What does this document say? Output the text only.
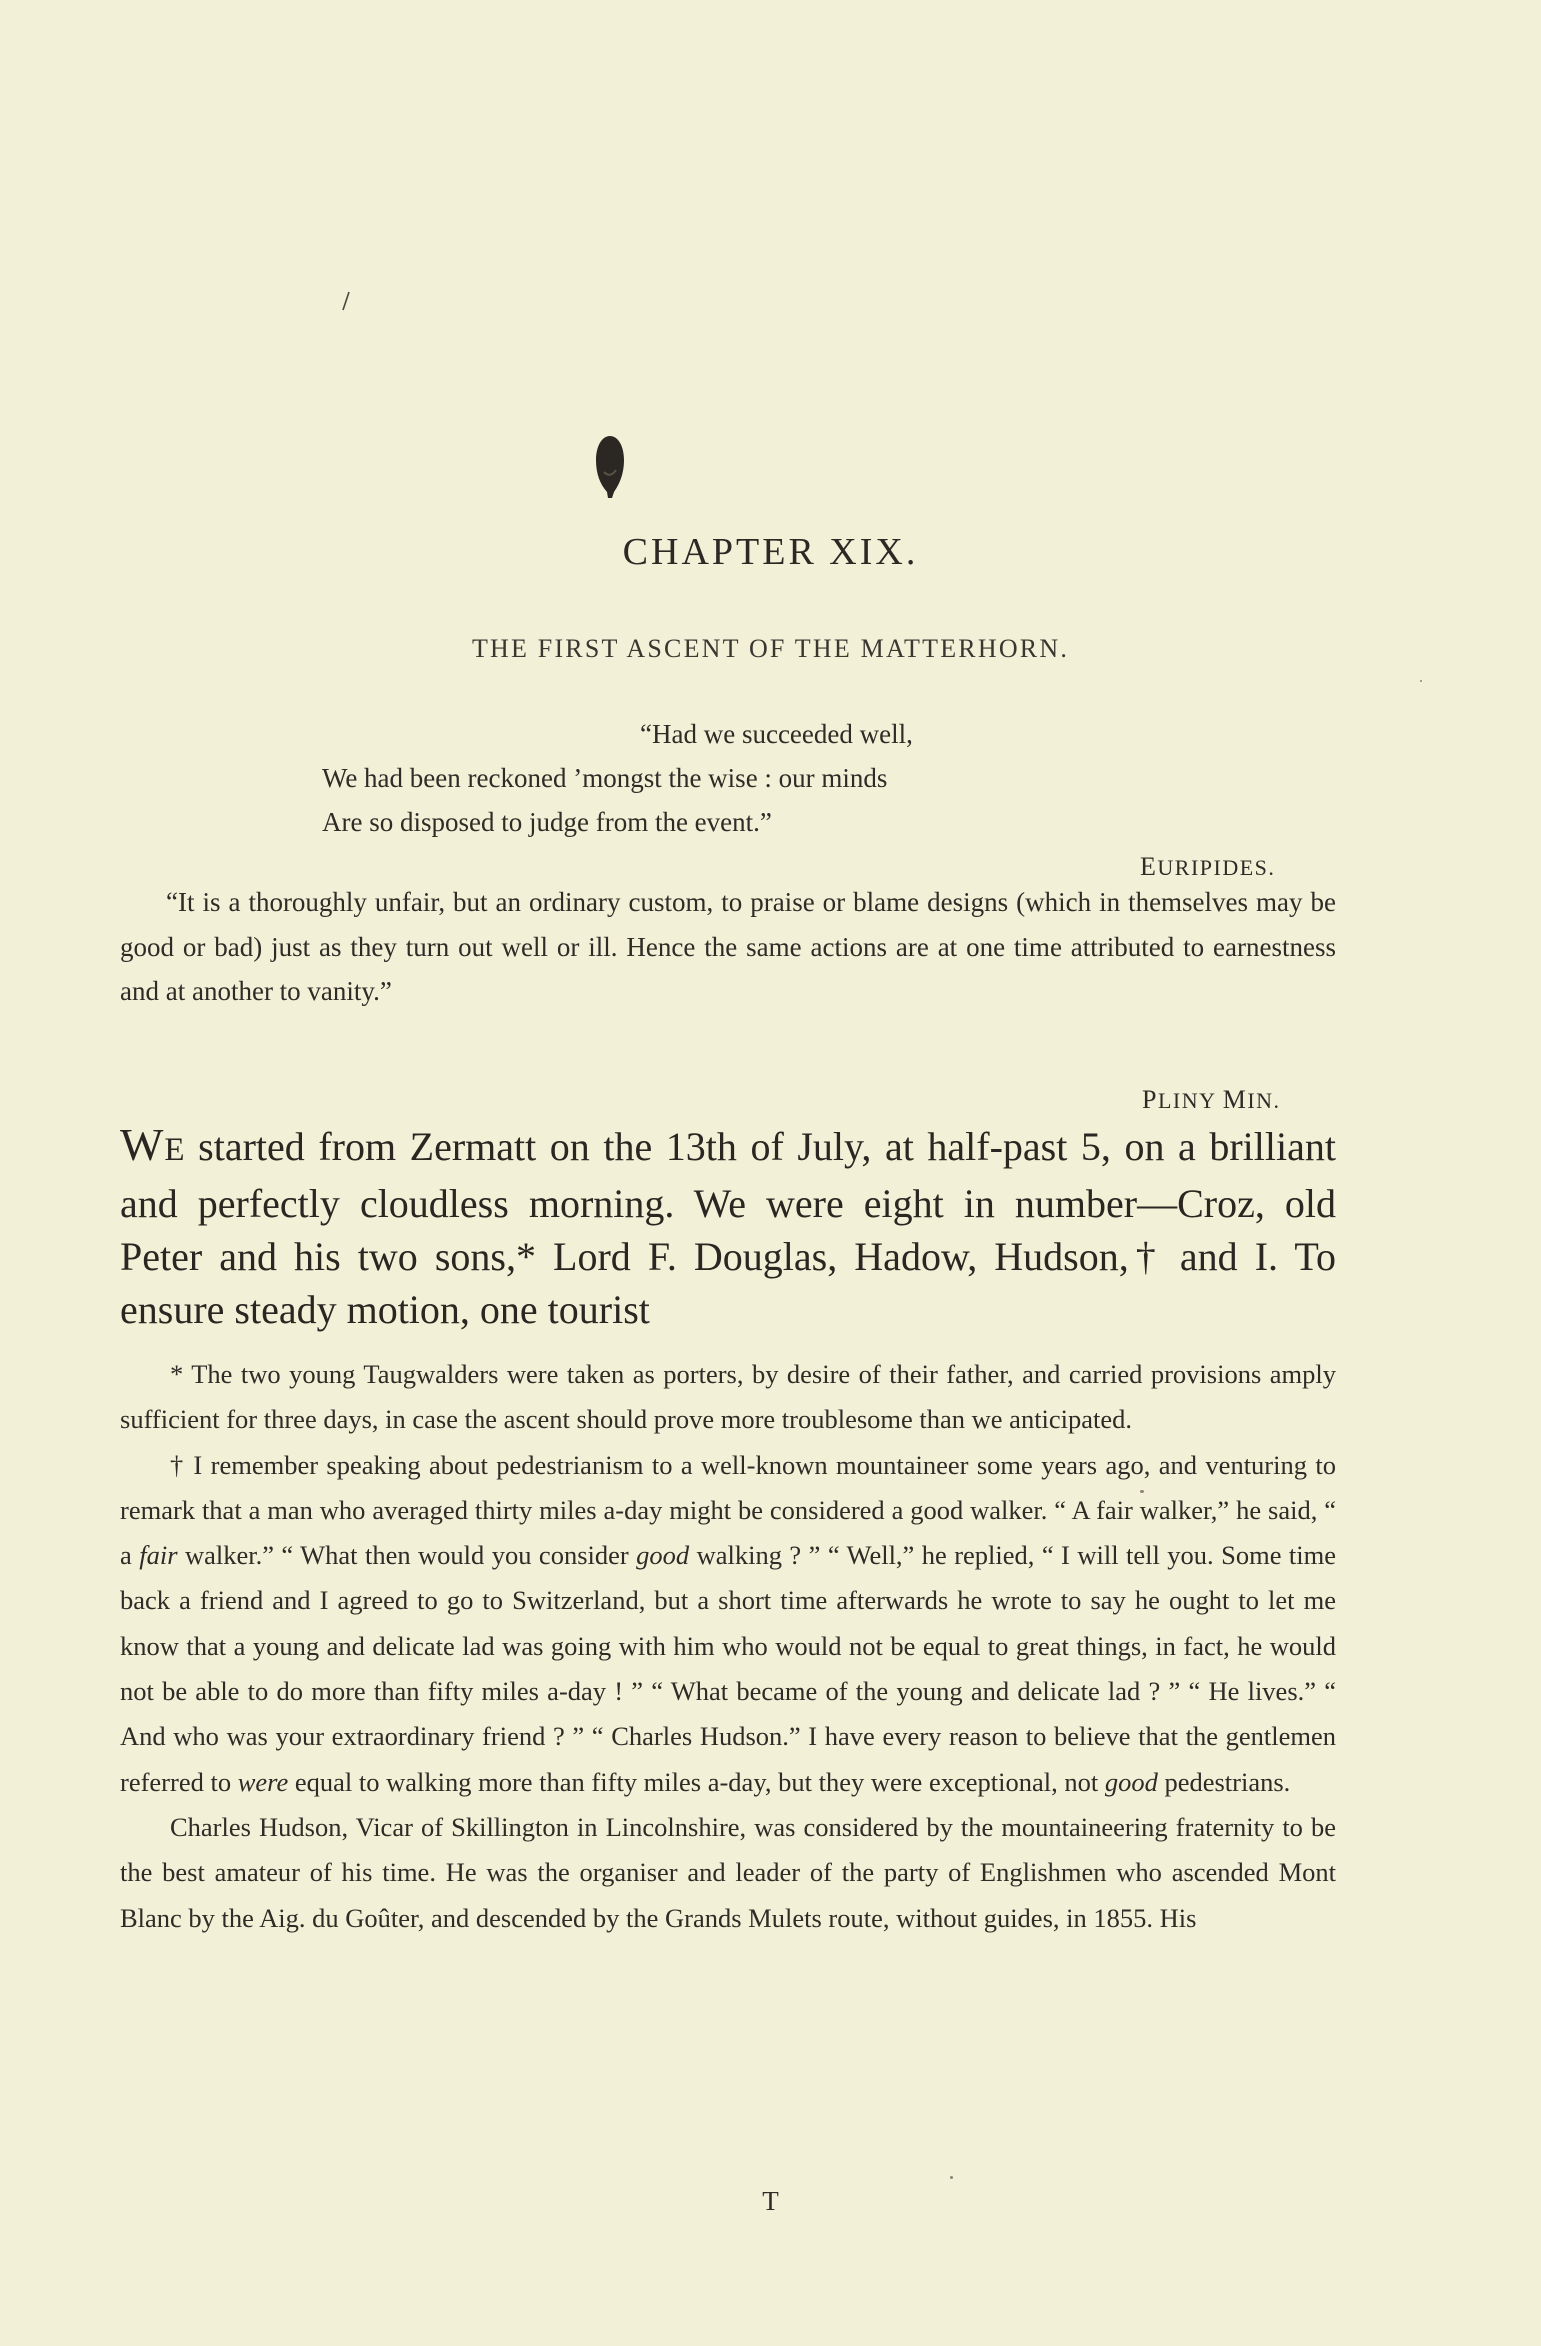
CHAPTER XIX.
THE FIRST ASCENT OF THE MATTERHORN.
“Had we succeeded well,
We had been reckoned ’mongst the wise : our minds
Are so disposed to judge from the event.”
EURIPIDES.
“It is a thoroughly unfair, but an ordinary custom, to praise or blame designs (which in themselves may be good or bad) just as they turn out well or ill. Hence the same actions are at one time attributed to earnestness and at another to vanity.”
PLINY MIN.
WE started from Zermatt on the 13th of July, at half-past 5, on a brilliant and perfectly cloudless morning. We were eight in number—Croz, old Peter and his two sons,* Lord F. Douglas, Hadow, Hudson,† and I. To ensure steady motion, one tourist

* The two young Taugwalders were taken as porters, by desire of their father, and carried provisions amply sufficient for three days, in case the ascent should prove more troublesome than we anticipated.

† I remember speaking about pedestrianism to a well-known mountaineer some years ago, and venturing to remark that a man who averaged thirty miles a-day might be considered a good walker. “ A fair walker,” he said, “ a fair walker.” “ What then would you consider good walking ? ” “ Well,” he replied, “ I will tell you. Some time back a friend and I agreed to go to Switzerland, but a short time afterwards he wrote to say he ought to let me know that a young and delicate lad was going with him who would not be equal to great things, in fact, he would not be able to do more than fifty miles a-day ! ” “ What became of the young and delicate lad ? ” “ He lives.” “ And who was your extraordinary friend ? ” “ Charles Hudson.” I have every reason to believe that the gentlemen referred to were equal to walking more than fifty miles a-day, but they were exceptional, not good pedestrians.

Charles Hudson, Vicar of Skillington in Lincolnshire, was considered by the mountaineering fraternity to be the best amateur of his time. He was the organiser and leader of the party of Englishmen who ascended Mont Blanc by the Aig. du Goûter, and descended by the Grands Mulets route, without guides, in 1855. His

T
